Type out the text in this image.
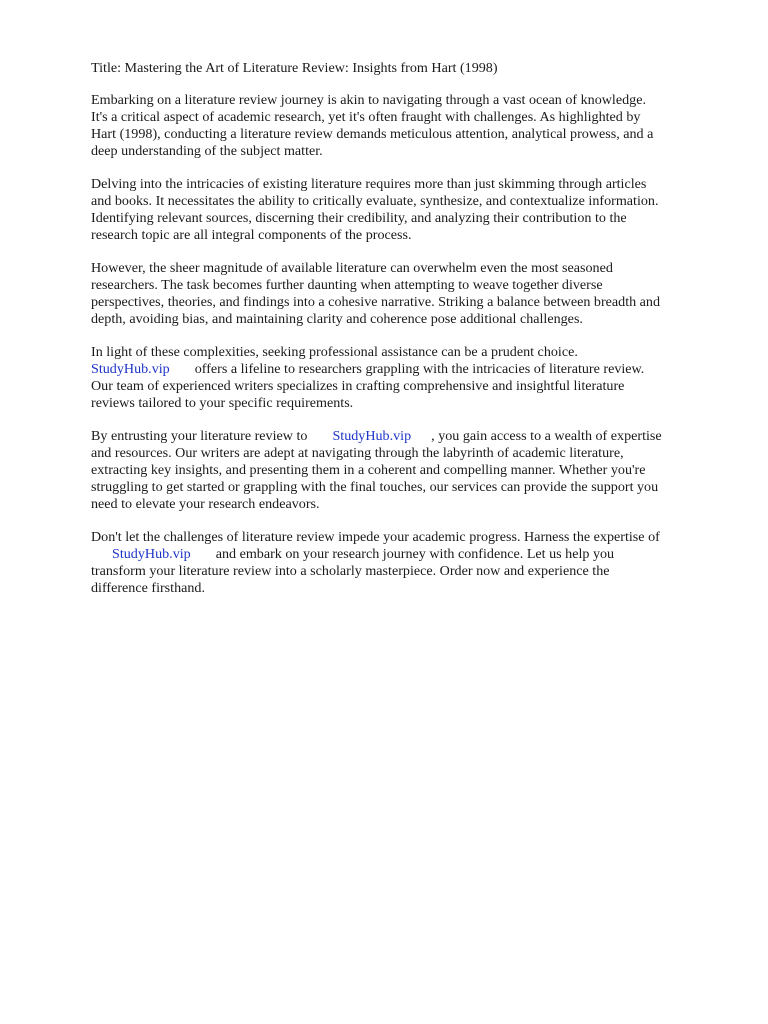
Title: Mastering the Art of Literature Review: Insights from Hart (1998)
Embarking on a literature review journey is akin to navigating through a vast ocean of knowledge.
It's a critical aspect of academic research, yet it's often fraught with challenges. As highlighted by
Hart (1998), conducting a literature review demands meticulous attention, analytical prowess, and a
deep understanding of the subject matter.
Delving into the intricacies of existing literature requires more than just skimming through articles
and books. It necessitates the ability to critically evaluate, synthesize, and contextualize information.
Identifying relevant sources, discerning their credibility, and analyzing their contribution to the
research topic are all integral components of the process.
However, the sheer magnitude of available literature can overwhelm even the most seasoned
researchers. The task becomes further daunting when attempting to weave together diverse
perspectives, theories, and findings into a cohesive narrative. Striking a balance between breadth and
depth, avoiding bias, and maintaining clarity and coherence pose additional challenges.
In light of these complexities, seeking professional assistance can be a prudent choice.
StudyHub.vip offers a lifeline to researchers grappling with the intricacies of literature review.
Our team of experienced writers specializes in crafting comprehensive and insightful literature
reviews tailored to your specific requirements.
By entrusting your literature review to StudyHub.vip , you gain access to a wealth of expertise
and resources. Our writers are adept at navigating through the labyrinth of academic literature,
extracting key insights, and presenting them in a coherent and compelling manner. Whether you're
struggling to get started or grappling with the final touches, our services can provide the support you
need to elevate your research endeavors.
Don't let the challenges of literature review impede your academic progress. Harness the expertise of
StudyHub.vip and embark on your research journey with confidence. Let us help you
transform your literature review into a scholarly masterpiece. Order now and experience the
difference firsthand.
